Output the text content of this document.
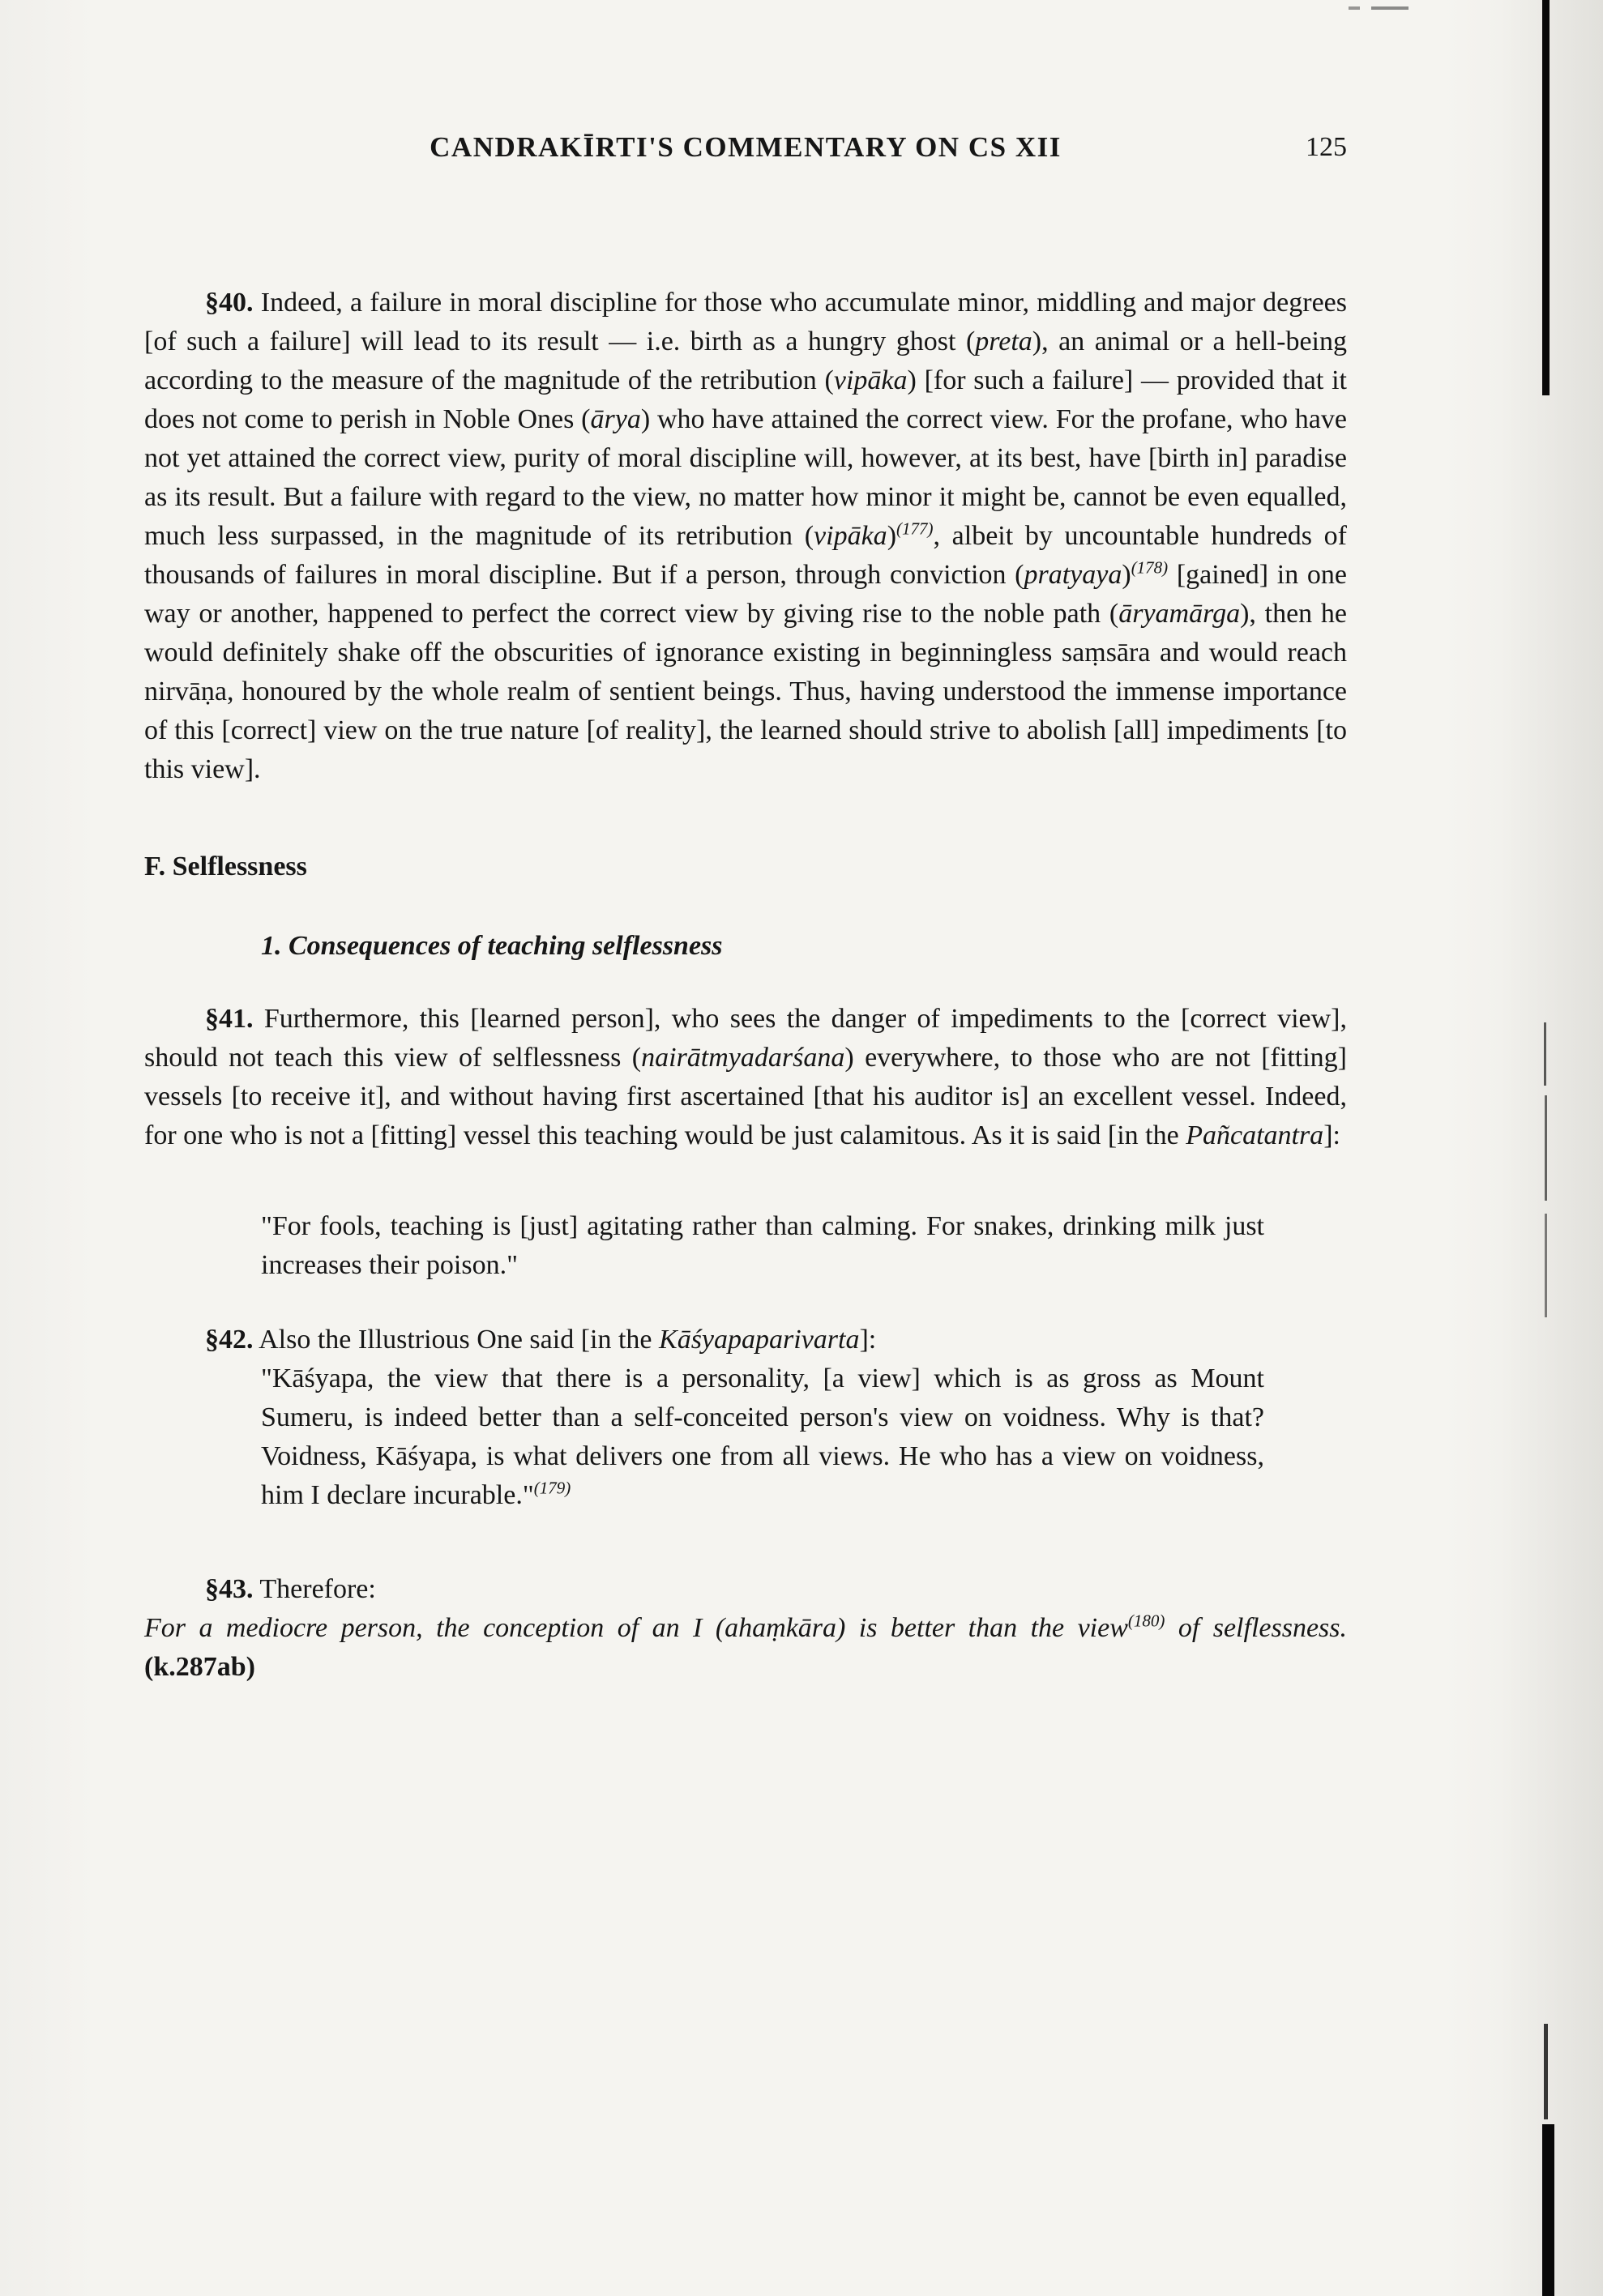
CANDRAKĪRTI'S COMMENTARY ON CS XII	125

§40. Indeed, a failure in moral discipline for those who accumulate minor, middling and major degrees [of such a failure] will lead to its result — i.e. birth as a hungry ghost (preta), an animal or a hell-being according to the measure of the magnitude of the retribution (vipāka) [for such a failure] — provided that it does not come to perish in Noble Ones (ārya) who have attained the correct view. For the profane, who have not yet attained the correct view, purity of moral discipline will, however, at its best, have [birth in] paradise as its result. But a failure with regard to the view, no matter how minor it might be, cannot be even equalled, much less surpassed, in the magnitude of its retribution (vipāka)$^{(177)}$, albeit by uncountable hundreds of thousands of failures in moral discipline. But if a person, through conviction (pratyaya)$^{(178)}$ [gained] in one way or another, happened to perfect the correct view by giving rise to the noble path (āryamārga), then he would definitely shake off the obscurities of ignorance existing in beginningless saṃsāra and would reach nirvāṇa, honoured by the whole realm of sentient beings. Thus, having understood the immense importance of this [correct] view on the true nature [of reality], the learned should strive to abolish [all] impediments [to this view].

F. Selflessness

1. Consequences of teaching selflessness

§41. Furthermore, this [learned person], who sees the danger of impediments to the [correct view], should not teach this view of selflessness (nairātmyadarśana) everywhere, to those who are not [fitting] vessels [to receive it], and without having first ascertained [that his auditor is] an excellent vessel. Indeed, for one who is not a [fitting] vessel this teaching would be just calamitous. As it is said [in the Pañcatantra]:

"For fools, teaching is [just] agitating rather than calming. For snakes, drinking milk just increases their poison."

§42. Also the Illustrious One said [in the Kāśyapaparivarta]:

"Kāśyapa, the view that there is a personality, [a view] which is as gross as Mount Sumeru, is indeed better than a self-conceited person's view on voidness. Why is that? Voidness, Kāśyapa, is what delivers one from all views. He who has a view on voidness, him I declare incurable."$^{(179)}$

§43. Therefore:

For a mediocre person, the conception of an I (ahaṃkāra) is better than the view$^{(180)}$ of selflessness. (k.287ab)
